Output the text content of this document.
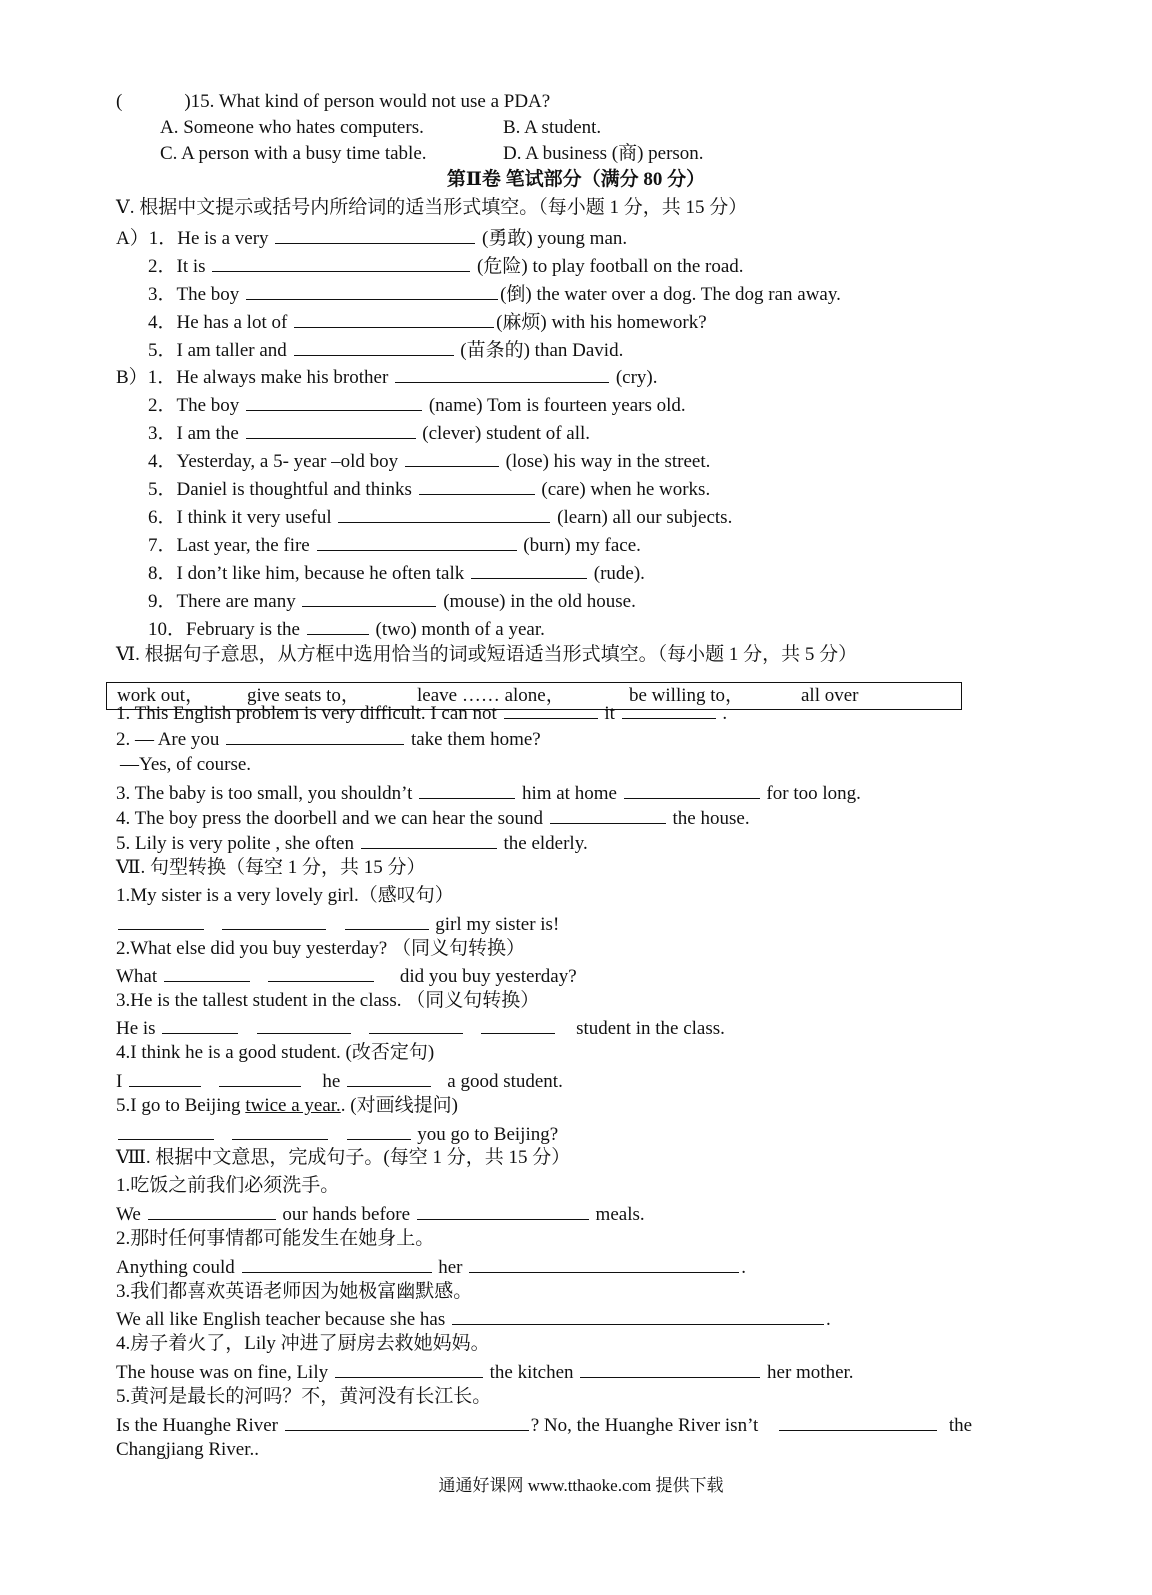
(	)15. What kind of person would not use a PDA?
A. Someone who hates computers.	B. A student.
C. A person with a busy time table.	D. A business (商) person.
第Ⅱ卷 笔试部分（满分 80 分）
Ⅴ. 根据中文提示或括号内所给词的适当形式填空。（每小题 1 分，共 15 分）
A）1．He is a very	(勇敢) young man.
2．It is	(危险) to play football on the road.
3．The boy	(倒) the water over a dog. The dog ran away.
4．He has a lot of	(麻烦) with his homework?
5．I am taller and	(苗条的) than David.
B）1．He always make his brother	(cry).
2．The boy	(name) Tom is fourteen years old.
3．I am the	(clever) student of all.
4．Yesterday, a 5- year –old boy	(lose) his way in the street.
5．Daniel is thoughtful and thinks	(care) when he works.
6．I think it very useful	(learn) all our subjects.
7．Last year, the fire	(burn) my face.
8．I don’t like him, because he often talk	(rude).
9．There are many	(mouse) in the old house.
10．February is the	(two) month of a year.
Ⅵ. 根据句子意思，从方框中选用恰当的词或短语适当形式填空。（每小题 1 分，共 5 分）
work out， give seats to，	leave …… alone，	be willing to，	all over
1. This English problem is very difficult. I can not	it	.
2. — Are you	take them home?
—Yes, of course.
3. The baby is too small, you shouldn’t	him at home	for too long.
4. The boy press the doorbell and we can hear the sound	the house.
5. Lily is very polite , she often	the elderly.
Ⅶ. 句型转换（每空 1 分，共 15 分）
1.My sister is a very lovely girl.（感叹句）
girl my sister is!
2.What else did you buy yesterday? （同义句转换）
What	did you buy yesterday?
3.He is the tallest student in the class. （同义句转换）
He is	student in the class.
4.I think he is a good student. (改否定句)
I	he	a good student.
5.I go to Beijing twice a year.. (对画线提问)
you go to Beijing?
Ⅷ. 根据中文意思，完成句子。(每空 1 分，共 15 分）
1.吃饭之前我们必须洗手。
We	our hands before	meals.
2.那时任何事情都可能发生在她身上。
Anything could	her	.
3.我们都喜欢英语老师因为她极富幽默感。
We all like English teacher because she has	.
4.房子着火了，Lily 冲进了厨房去救她妈妈。
The house was on fine, Lily	the kitchen	her mother.
5.黄河是最长的河吗？不，黄河没有长江长。
Is the Huanghe River	? No, the Huanghe River isn’t	the
Changjiang River..
通通好课网 www.tthaoke.com 提供下载
